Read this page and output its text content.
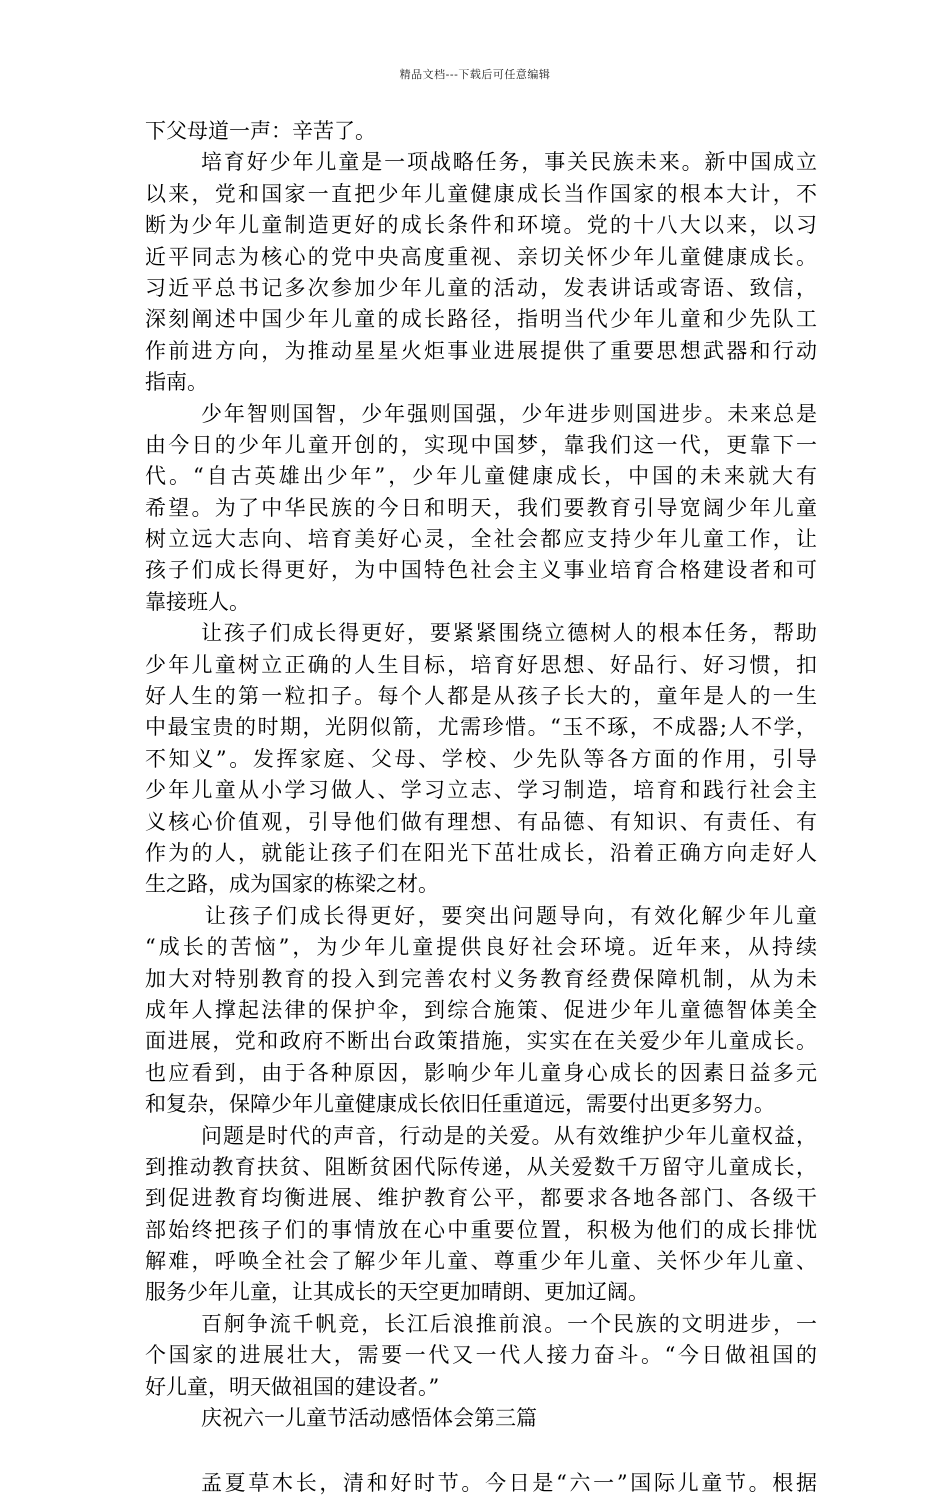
精品文档---下载后可任意编辑
下父母道一声：辛苦了。
培育好少年儿童是一项战略任务，事关民族未来。新中国成立
以来，党和国家一直把少年儿童健康成长当作国家的根本大计，不
断为少年儿童制造更好的成长条件和环境。党的十八大以来，以习
近平同志为核心的党中央高度重视、亲切关怀少年儿童健康成长。
习近平总书记多次参加少年儿童的活动，发表讲话或寄语、致信，
深刻阐述中国少年儿童的成长路径，指明当代少年儿童和少先队工
作前进方向，为推动星星火炬事业进展提供了重要思想武器和行动
指南。
少年智则国智，少年强则国强，少年进步则国进步。未来总是
由今日的少年儿童开创的，实现中国梦，靠我们这一代，更靠下一
代。“自古英雄出少年”，少年儿童健康成长，中国的未来就大有
希望。为了中华民族的今日和明天，我们要教育引导宽阔少年儿童
树立远大志向、培育美好心灵，全社会都应支持少年儿童工作，让
孩子们成长得更好，为中国特色社会主义事业培育合格建设者和可
靠接班人。
让孩子们成长得更好，要紧紧围绕立德树人的根本任务，帮助
少年儿童树立正确的人生目标，培育好思想、好品行、好习惯，扣
好人生的第一粒扣子。每个人都是从孩子长大的，童年是人的一生
中最宝贵的时期，光阴似箭，尤需珍惜。“玉不琢，不成器;人不学，
不知义”。发挥家庭、父母、学校、少先队等各方面的作用，引导
少年儿童从小学习做人、学习立志、学习制造，培育和践行社会主
义核心价值观，引导他们做有理想、有品德、有知识、有责任、有
作为的人，就能让孩子们在阳光下茁壮成长，沿着正确方向走好人
生之路，成为国家的栋梁之材。
让孩子们成长得更好，要突出问题导向，有效化解少年儿童
“成长的苦恼”，为少年儿童提供良好社会环境。近年来，从持续
加大对特别教育的投入到完善农村义务教育经费保障机制，从为未
成年人撑起法律的保护伞，到综合施策、促进少年儿童德智体美全
面进展，党和政府不断出台政策措施，实实在在关爱少年儿童成长。
也应看到，由于各种原因，影响少年儿童身心成长的因素日益多元
和复杂，保障少年儿童健康成长依旧任重道远，需要付出更多努力。
问题是时代的声音，行动是的关爱。从有效维护少年儿童权益，
到推动教育扶贫、阻断贫困代际传递，从关爱数千万留守儿童成长，
到促进教育均衡进展、维护教育公平，都要求各地各部门、各级干
部始终把孩子们的事情放在心中重要位置，积极为他们的成长排忧
解难，呼唤全社会了解少年儿童、尊重少年儿童、关怀少年儿童、
服务少年儿童，让其成长的天空更加晴朗、更加辽阔。
百舸争流千帆竞，长江后浪推前浪。一个民族的文明进步，一
个国家的进展壮大，需要一代又一代人接力奋斗。“今日做祖国的
好儿童，明天做祖国的建设者。”
庆祝六一儿童节活动感悟体会第三篇
孟夏草木长，清和好时节。今日是“六一”国际儿童节。根据
